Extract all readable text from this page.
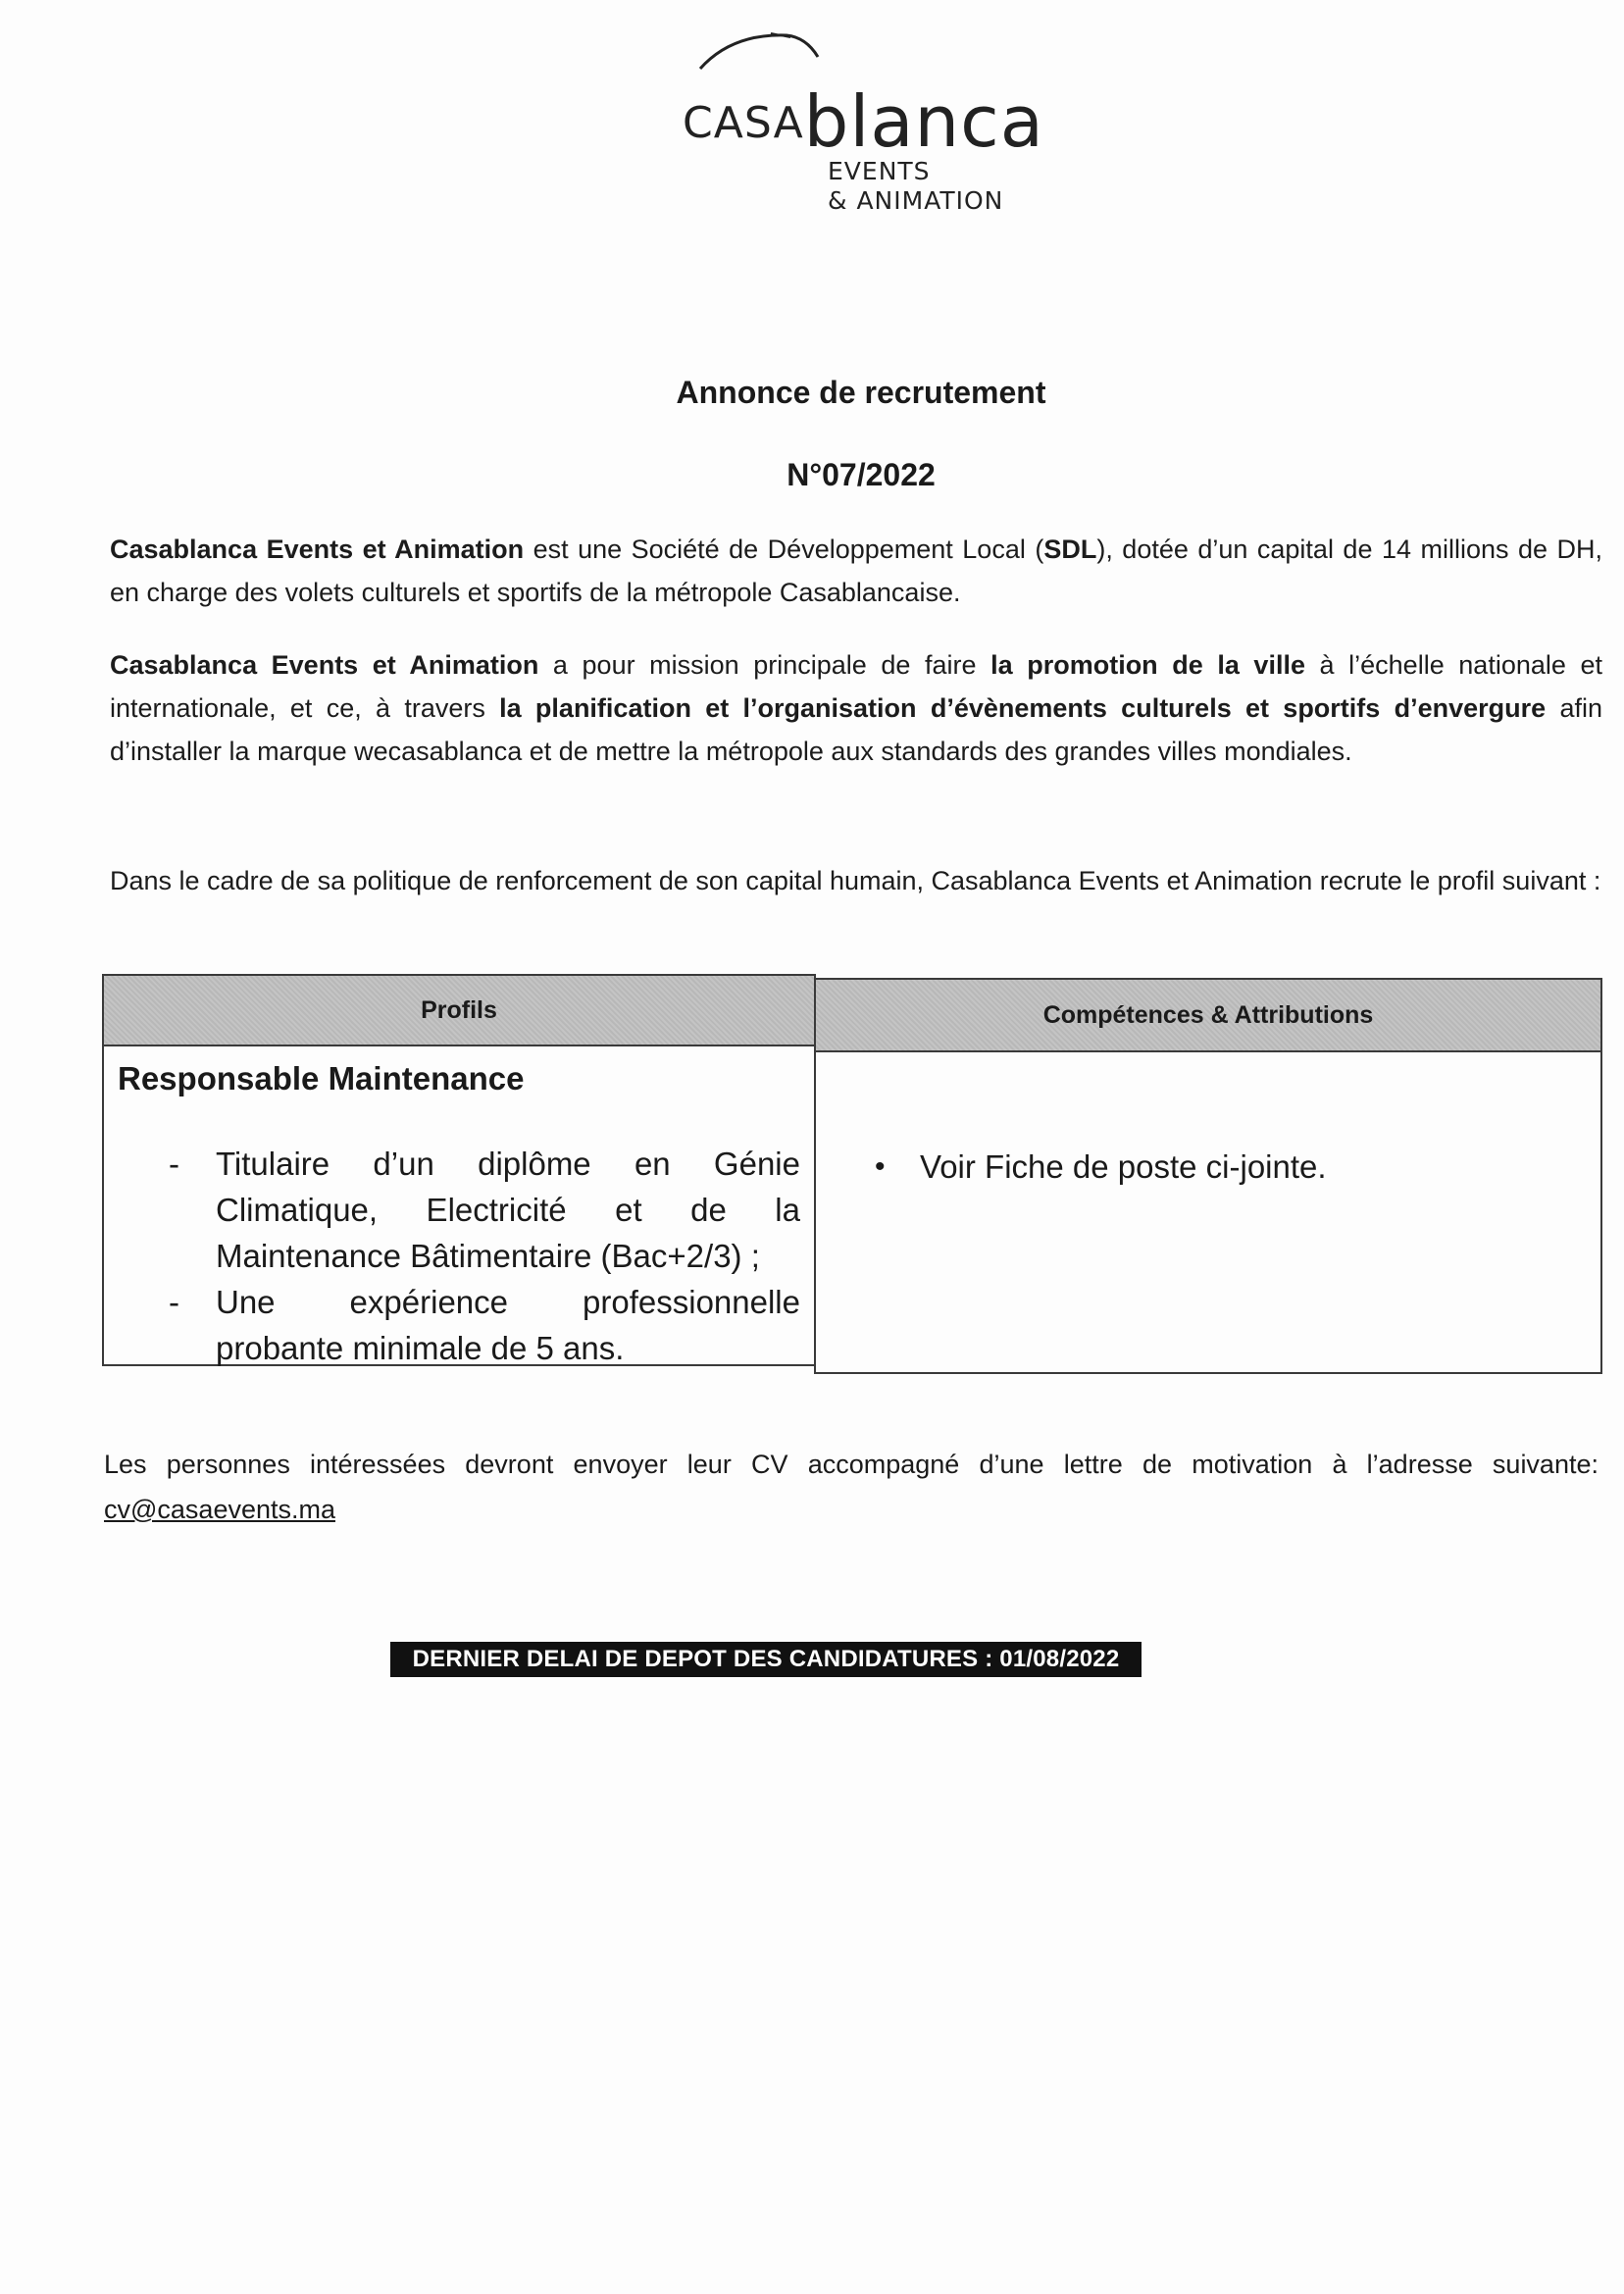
CASA blanca
EVENTS
& ANIMATION
Annonce de recrutement
N°07/2022
Casablanca Events et Animation est une Société de Développement Local (SDL), dotée d’un capital de 14 millions de DH, en charge des volets culturels et sportifs de la métropole Casablancaise.
Casablanca Events et Animation a pour mission principale de faire la promotion de la ville à l’échelle nationale et internationale, et ce, à travers la planification et l’organisation d’évènements culturels et sportifs d’envergure afin d’installer la marque wecasablanca et de mettre la métropole aux standards des grandes villes mondiales.
Dans le cadre de sa politique de renforcement de son capital humain, Casablanca Events et Animation recrute le profil suivant :
Profils	Compétences & Attributions
Responsable Maintenance
- Titulaire d’un diplôme en Génie Climatique, Electricité et de la Maintenance Bâtimentaire (Bac+2/3) ;
- Une expérience professionnelle probante minimale de 5 ans.
• Voir Fiche de poste ci-jointe.
Les personnes intéressées devront envoyer leur CV accompagné d’une lettre de motivation à l’adresse suivante: cv@casaevents.ma
DERNIER DELAI DE DEPOT DES CANDIDATURES : 01/08/2022
